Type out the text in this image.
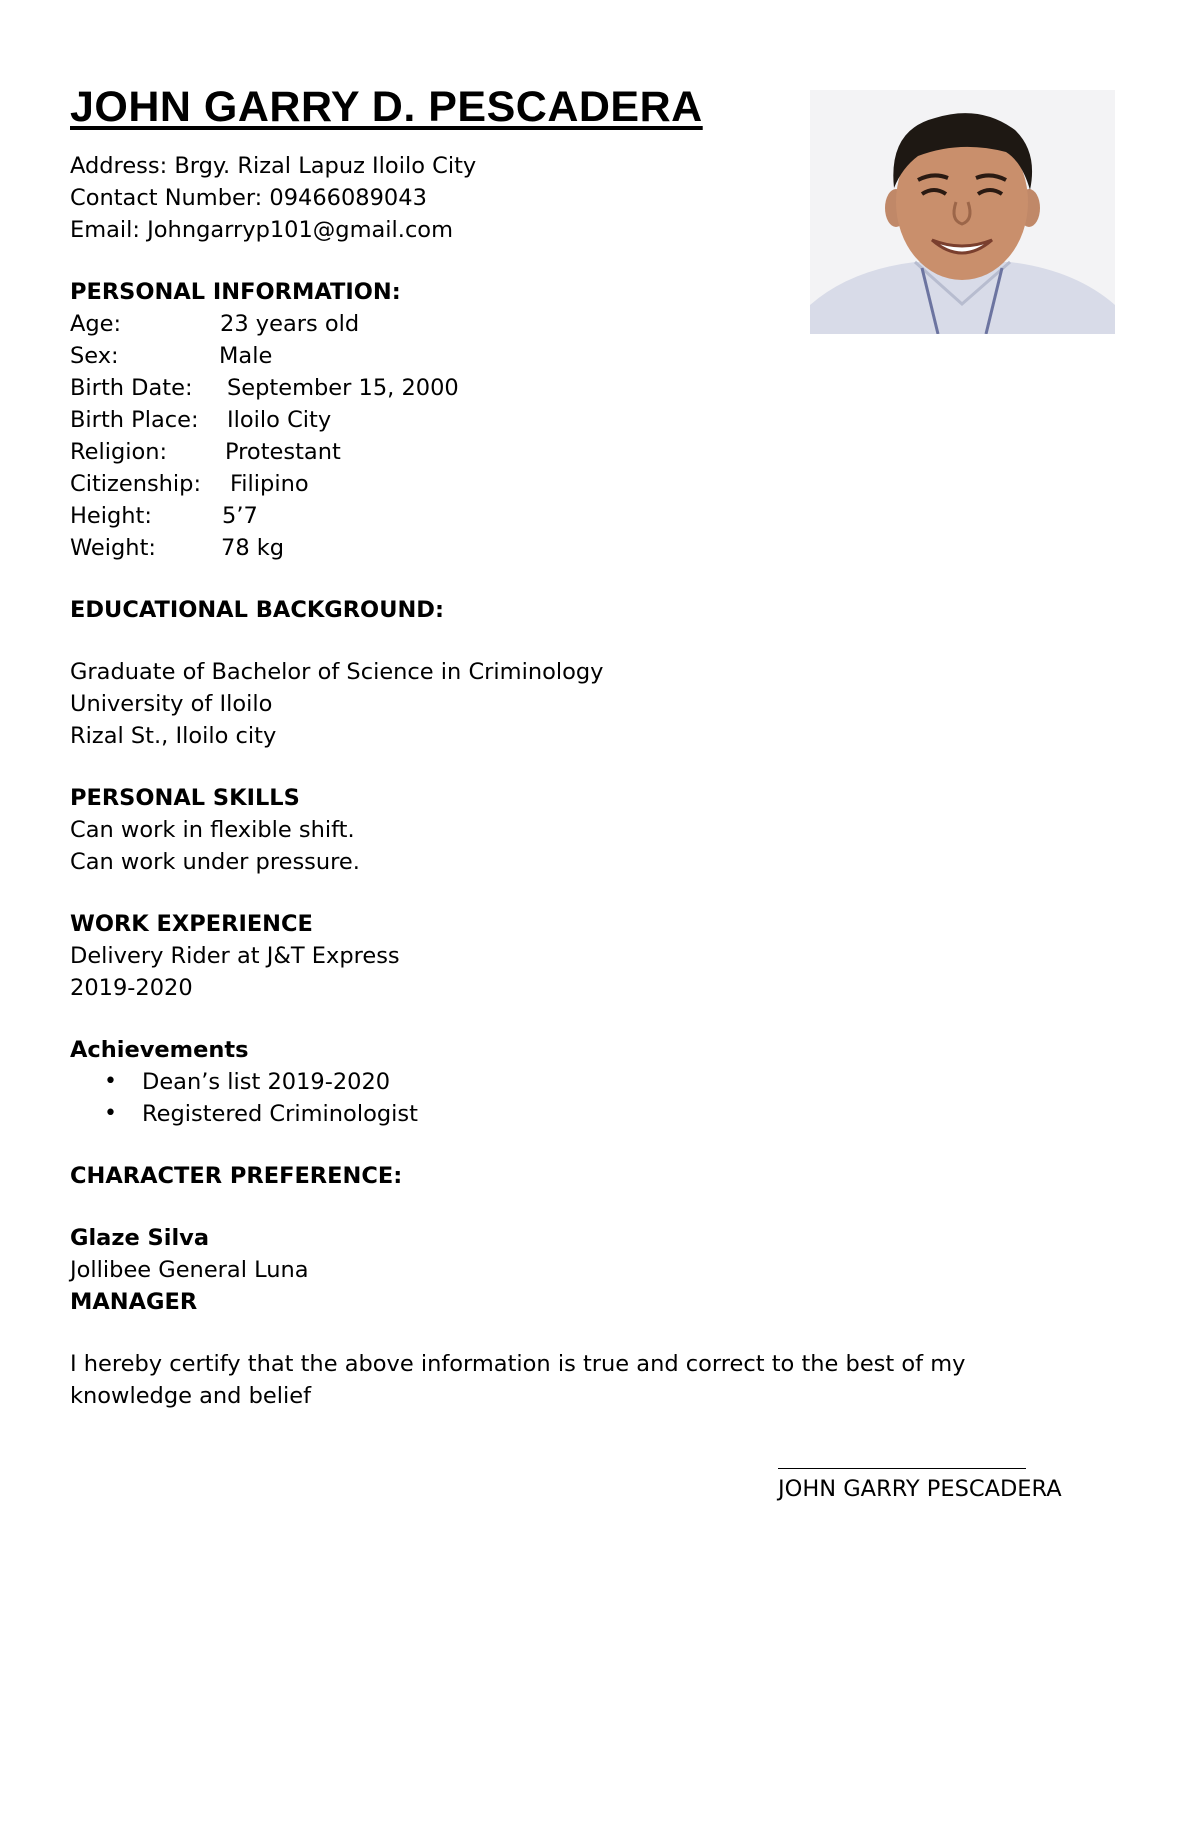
JOHN GARRY D. PESCADERA
Address: Brgy. Rizal Lapuz Iloilo City
Contact Number: 09466089043
Email: Johngarryp101@gmail.com
PERSONAL INFORMATION:
Age:	23 years old
Sex:	Male
Birth Date:	September 15, 2000
Birth Place:	Iloilo City
Religion:	Protestant
Citizenship:	Filipino
Height:	5’7
Weight:	78 kg
EDUCATIONAL BACKGROUND:
Graduate of Bachelor of Science in Criminology
University of Iloilo
Rizal St., Iloilo city
PERSONAL SKILLS
Can work in flexible shift.
Can work under pressure.
WORK EXPERIENCE
Delivery Rider at J&T Express
2019-2020
Achievements
• Dean’s list 2019-2020
• Registered Criminologist
CHARACTER PREFERENCE:
Glaze Silva
Jollibee General Luna
MANAGER
I hereby certify that the above information is true and correct to the best of my
knowledge and belief
JOHN GARRY PESCADERA
